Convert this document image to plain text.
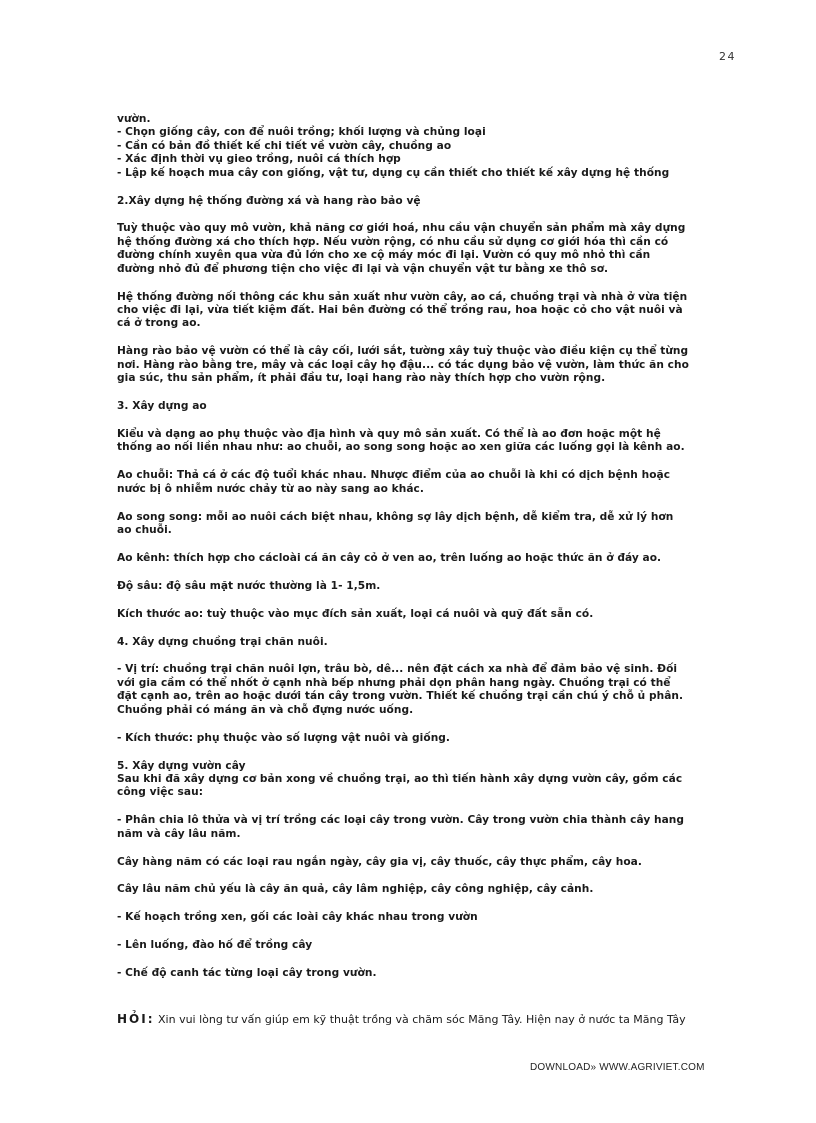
24

vườn.
- Chọn giống cây, con để nuôi trồng; khối lượng và chủng loại
- Cần có bản đồ thiết kế chi tiết về vườn cây, chuồng ao
- Xác định thời vụ gieo trồng, nuôi cá thích hợp
- Lập kế hoạch mua cây con giống, vật tư, dụng cụ cần thiết cho thiết kế xây dựng hệ thống

2.Xây dựng hệ thống đường xá và hang rào bảo vệ

Tuỳ thuộc vào quy mô vườn, khả năng cơ giới hoá, nhu cầu vận chuyển sản phẩm mà xây dựng
hệ thống đường xá cho thích hợp. Nếu vườn rộng, có nhu cầu sử dụng cơ giới hóa thì cần có
đường chính xuyên qua vừa đủ lớn cho xe cộ máy móc đi lại. Vườn có quy mô nhỏ thì cần
đường nhỏ đủ để phương tiện cho việc đi lại và vận chuyển vật tư bằng xe thô sơ.

Hệ thống đường nối thông các khu sản xuất như vườn cây, ao cá, chuồng trại và nhà ở vừa tiện
cho việc đi lại, vừa tiết kiệm đất. Hai bên đường có thể trồng rau, hoa hoặc cỏ cho vật nuôi và
cá ở trong ao.

Hàng rào bảo vệ vườn có thể là cây cối, lưới sắt, tường xây tuỳ thuộc vào điều kiện cụ thể từng
nơi. Hàng rào bằng tre, mây và các loại cây họ đậu... có tác dụng bảo vệ vườn, làm thức ăn cho
gia súc, thu sản phẩm, ít phải đầu tư, loại hang rào này thích hợp cho vườn rộng.

3. Xây dựng ao

Kiểu và dạng ao phụ thuộc vào địa hình và quy mô sản xuất. Có thể là ao đơn hoặc một hệ
thống ao nối liền nhau như: ao chuỗi, ao song song hoặc ao xen giữa các luống gọi là kênh ao.

Ao chuỗi: Thả cá ở các độ tuổi khác nhau. Nhược điểm của ao chuỗi là khi có dịch bệnh hoặc
nước bị ô nhiễm nước chảy từ ao này sang ao khác.

Ao song song: mỗi ao nuôi cách biệt nhau, không sợ lây dịch bệnh, dễ kiểm tra, dễ xử lý hơn
ao chuỗi.

Ao kênh: thích hợp cho cácloài cá ăn cây cỏ ở ven ao, trên luống ao hoặc thức ăn ở đáy ao.

Độ sâu: độ sâu mặt nước thường là 1- 1,5m.

Kích thước ao: tuỳ thuộc vào mục đích sản xuất, loại cá nuôi và quỹ đất sẵn có.

4. Xây dựng chuồng trại chăn nuôi.

- Vị trí: chuồng trại chăn nuôi lợn, trâu bò, dê... nên đặt cách xa nhà để đảm bảo vệ sinh. Đối
với gia cầm có thể nhốt ở cạnh nhà bếp nhưng phải dọn phân hang ngày. Chuồng trại có thể
đặt cạnh ao, trên ao hoặc dưới tán cây trong vườn. Thiết kế chuồng trại cần chú ý chỗ ủ phân.
Chuồng phải có máng ăn và chỗ đựng nước uống.

- Kích thước: phụ thuộc vào số lượng vật nuôi và giống.

5. Xây dựng vườn cây
Sau khi đã xây dựng cơ bản xong về chuồng trại, ao thì tiến hành xây dựng vườn cây, gồm các
công việc sau:

- Phân chia lô thửa và vị trí trồng các loại cây trong vườn. Cây trong vườn chia thành cây hang
năm và cây lâu năm.

Cây hàng năm có các loại rau ngắn ngày, cây gia vị, cây thuốc, cây thực phẩm, cây hoa.

Cây lâu năm chủ yếu là cây ăn quả, cây lâm nghiệp, cây công nghiệp, cây cảnh.

- Kế hoạch trồng xen, gối các loài cây khác nhau trong vườn

- Lên luống, đào hố để trồng cây

- Chế độ canh tác từng loại cây trong vườn.

HỎI: Xin vui lòng tư vấn giúp em kỹ thuật trồng và chăm sóc Măng Tây. Hiện nay ở nước ta Măng Tây
DOWNLOAD» WWW.AGRIVIET.COM
